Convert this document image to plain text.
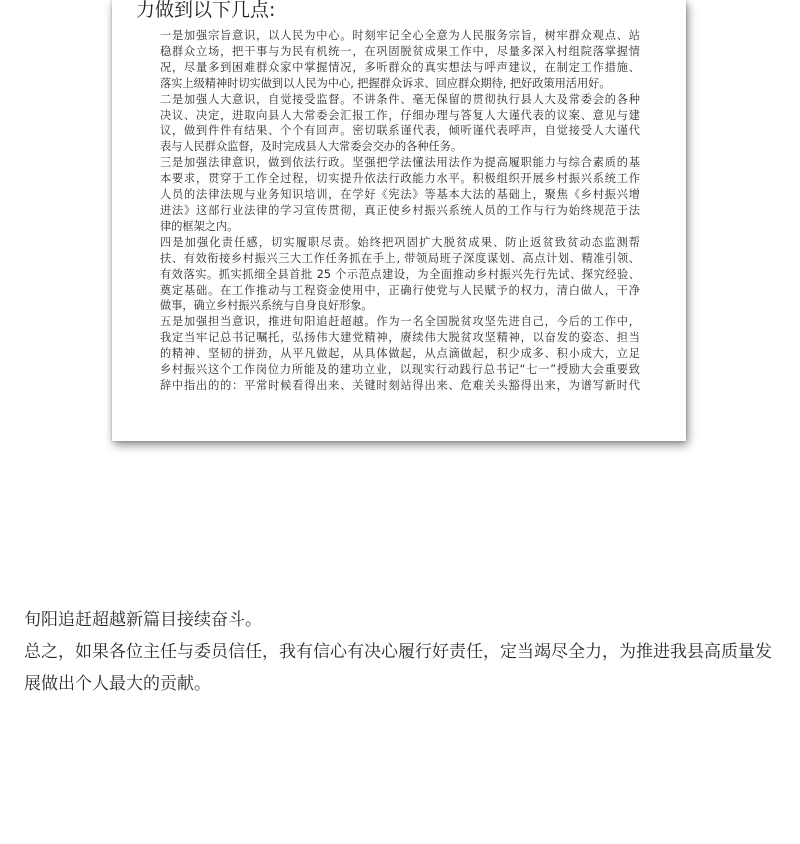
力做到以下几点:

一是加强宗旨意识，以人民为中心。时刻牢记全心全意为人民服务宗旨，树牢群众观点、站
稳群众立场，把干事与为民有机统一，在巩固脱贫成果工作中，尽量多深入村组院落掌握情
况，尽量多到困难群众家中掌握情况，多听群众的真实想法与呼声建议，在制定工作措施、
落实上级精神时切实做到以人民为中心, 把握群众诉求、回应群众期待, 把好政策用活用好。

二是加强人大意识，自觉接受监督。不讲条件、毫无保留的贯彻执行县人大及常委会的各种
决议、决定，进取向县人大常委会汇报工作，仔细办理与答复人大谨代表的议案、意见与建
议，做到件件有结果、个个有回声。密切联系谨代表，倾听谨代表呼声，自觉接受人大谨代
表与人民群众监督，及时完成县人大常委会交办的各种任务。

三是加强法律意识，做到依法行政。坚强把学法懂法用法作为提高履职能力与综合素质的基
本要求，贯穿于工作全过程，切实提升依法行政能力水平。积极组织开展乡村振兴系统工作
人员的法律法规与业务知识培训，在学好《宪法》等基本大法的基础上，聚焦《乡村振兴增
进法》这部行业法律的学习宣传贯彻，真正使乡村振兴系统人员的工作与行为始终规范于法
律的框架之内。

四是加强化责任感，切实履职尽责。始终把巩固扩大脱贫成果、防止返贫致贫动态监测帮
扶、有效衔接乡村振兴三大工作任务抓在手上, 带领局班子深度谋划、高点计划、精准引领、
有效落实。抓实抓细全县首批 25 个示范点建设，为全面推动乡村振兴先行先试、探究经验、
奠定基础。在工作推动与工程资金使用中，正确行使党与人民赋予的权力，清白做人，干净
做事，确立乡村振兴系统与自身良好形象。

五是加强担当意识，推进旬阳追赶超越。作为一名全国脱贫攻坚先进自己，今后的工作中，
我定当牢记总书记嘱托，弘扬伟大建党精神，赓续伟大脱贫攻坚精神，以奋发的姿态、担当
的精神、坚韧的拼劲，从平凡做起，从具体做起，从点滴做起，积少成多、积小成大，立足
乡村振兴这个工作岗位力所能及的建功立业，以现实行动践行总书记“七一”授励大会重要致
辞中指出的的：平常时候看得出来、关键时刻站得出来、危难关头豁得出来，为谱写新时代

旬阳追赶超越新篇目接续奋斗。

总之，如果各位主任与委员信任，我有信心有决心履行好责任，定当竭尽全力，为推进我县高质量发展做出个人最大的贡献。
